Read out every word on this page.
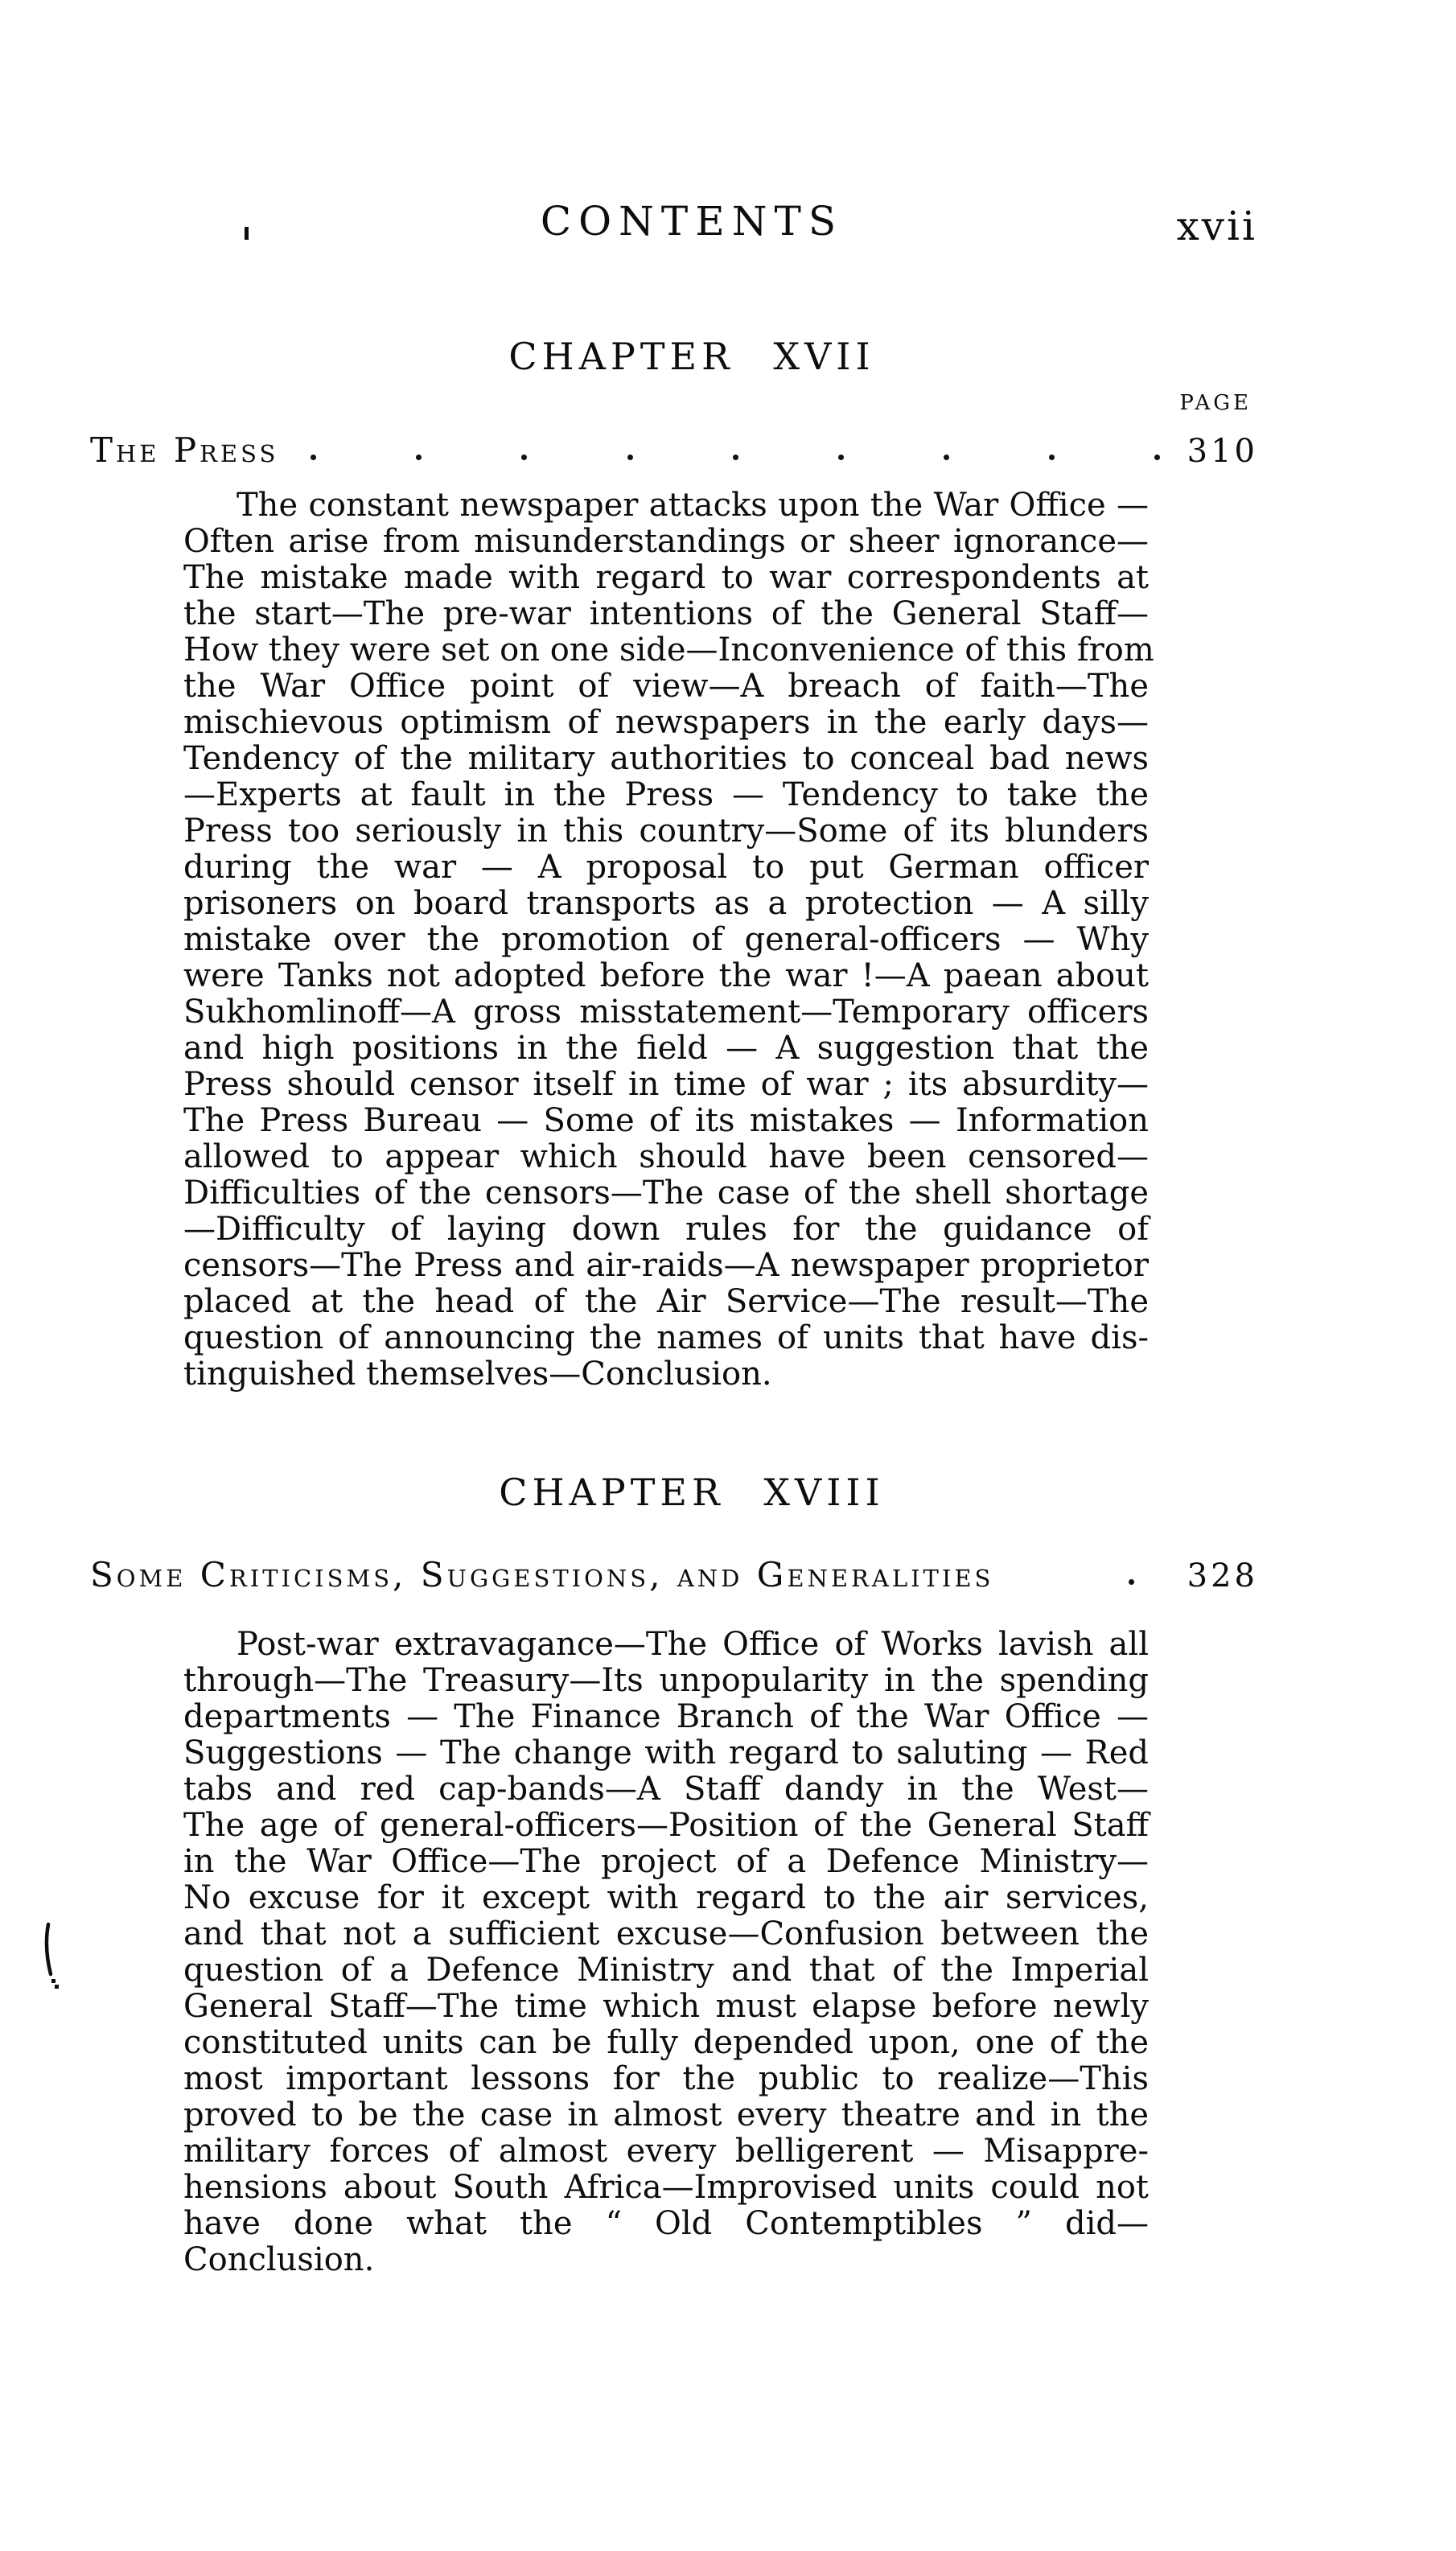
CONTENTS	xvii
CHAPTER XVII
PAGE
The Press	310
The constant newspaper attacks upon the War Office —
Often arise from misunderstandings or sheer ignorance—
The mistake made with regard to war correspondents at
the start—The pre-war intentions of the General Staff—
How they were set on one side—Inconvenience of this from
the War Office point of view—A breach of faith—The
mischievous optimism of newspapers in the early days—
Tendency of the military authorities to conceal bad news
—Experts at fault in the Press — Tendency to take the
Press too seriously in this country—Some of its blunders
during the war — A proposal to put German officer
prisoners on board transports as a protection — A silly
mistake over the promotion of general-officers — Why
were Tanks not adopted before the war !—A paean about
Sukhomlinoff—A gross misstatement—Temporary officers
and high positions in the field — A suggestion that the
Press should censor itself in time of war ; its absurdity—
The Press Bureau — Some of its mistakes — Information
allowed to appear which should have been censored—
Difficulties of the censors—The case of the shell shortage
—Difficulty of laying down rules for the guidance of
censors—The Press and air-raids—A newspaper proprietor
placed at the head of the Air Service—The result—The
question of announcing the names of units that have dis-
tinguished themselves—Conclusion.
CHAPTER XVIII
Some Criticisms, Suggestions, and Generalities	328
Post-war extravagance—The Office of Works lavish all
through—The Treasury—Its unpopularity in the spending
departments — The Finance Branch of the War Office —
Suggestions — The change with regard to saluting — Red
tabs and red cap-bands—A Staff dandy in the West—
The age of general-officers—Position of the General Staff
in the War Office—The project of a Defence Ministry—
No excuse for it except with regard to the air services,
and that not a sufficient excuse—Confusion between the
question of a Defence Ministry and that of the Imperial
General Staff—The time which must elapse before newly
constituted units can be fully depended upon, one of the
most important lessons for the public to realize—This
proved to be the case in almost every theatre and in the
military forces of almost every belligerent — Misappre-
hensions about South Africa—Improvised units could not
have done what the “ Old Contemptibles ” did—Conclusion.
